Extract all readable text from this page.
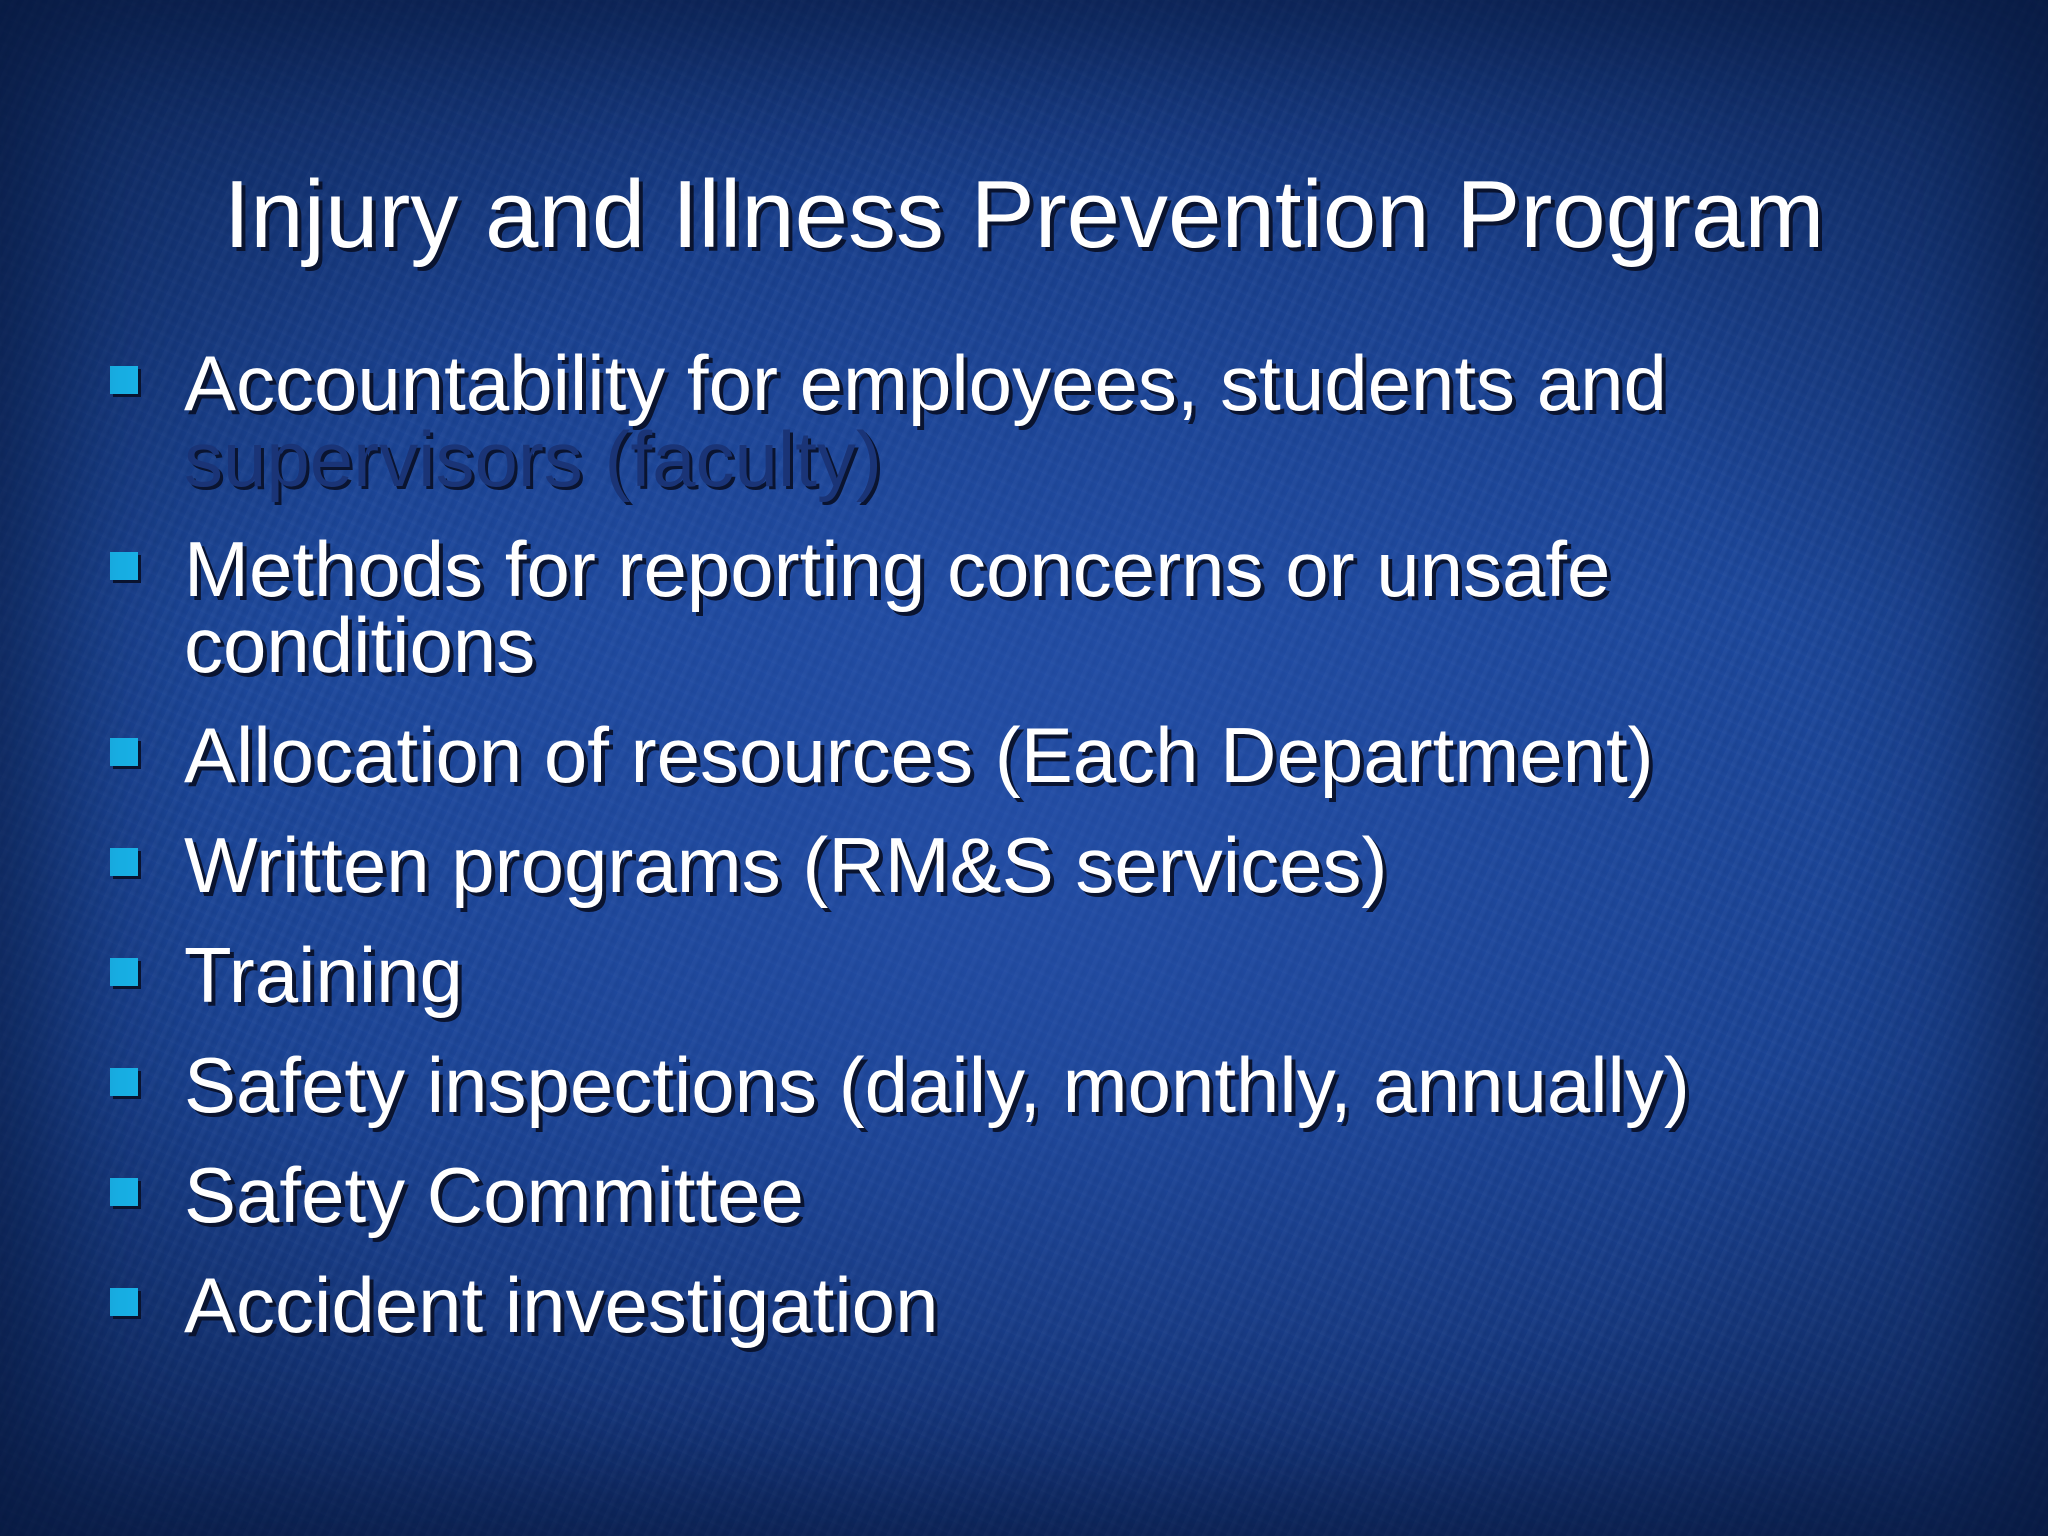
Injury and Illness Prevention Program
Accountability for employees, students and
supervisors (faculty)
Methods for reporting concerns or unsafe
conditions
Allocation of resources (Each Department)
Written programs (RM&S services)
Training
Safety inspections (daily, monthly, annually)
Safety Committee
Accident investigation
